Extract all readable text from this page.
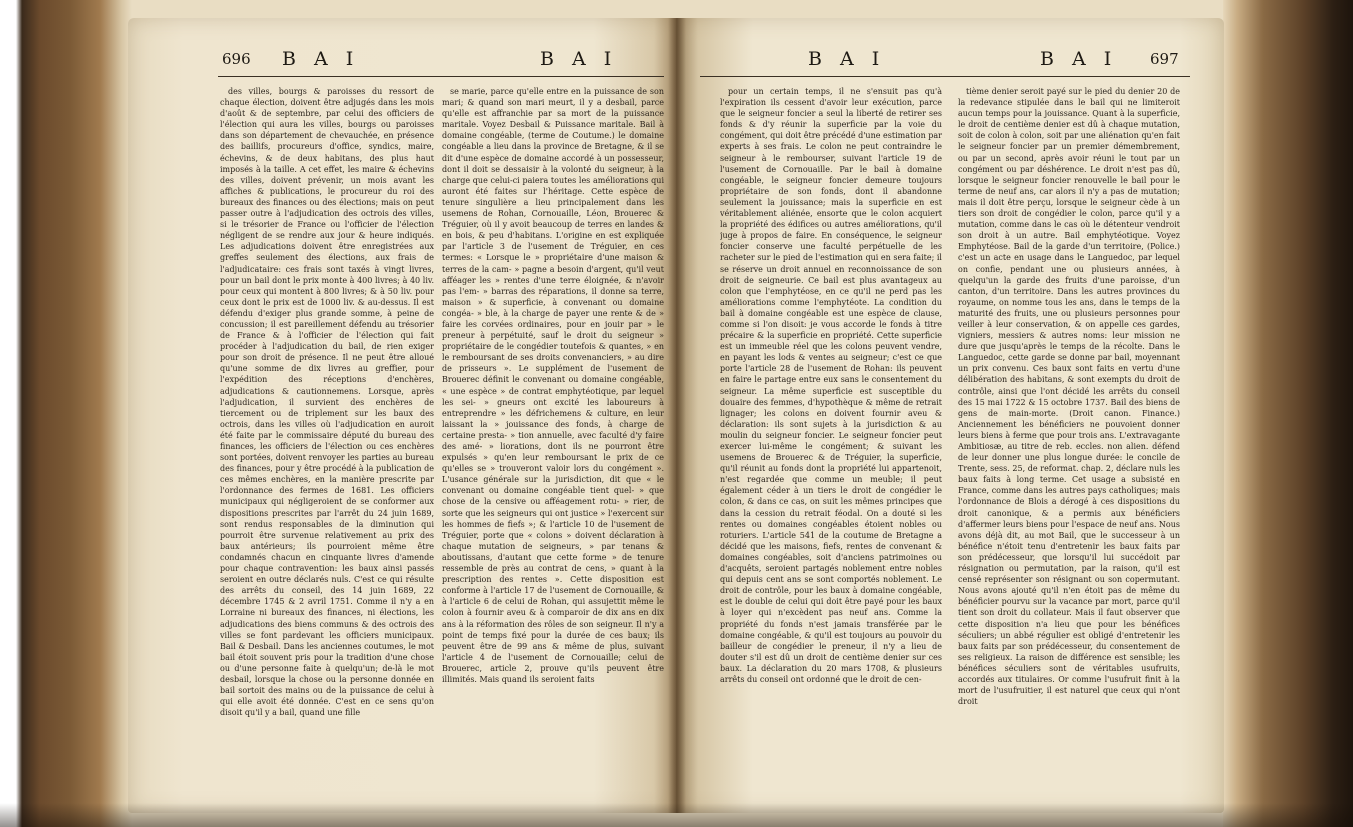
696 B A I	B A I

des villes, bourgs & paroisses du ressort de chaque élection, doivent être adjugés dans les mois d'août & de septembre, par celui des officiers de l'élection qui aura les villes, bourgs ou paroisses dans son département de chevauchée, en présence des baillifs, procureurs d'office, syndics, maire, échevins, & de deux habitans, des plus haut imposés à la taille. A cet effet, les maire & échevins des villes, doivent prévenir, un mois avant les affiches & publications, le procureur du roi des bureaux des finances ou des élections; mais on peut passer outre à l'adjudication des octrois des villes, si le trésorier de France ou l'officier de l'élection négligent de se rendre aux jour & heure indiqués. Les adjudications doivent être enregistrées aux greffes seulement des élections, aux frais de l'adjudicataire: ces frais sont taxés à vingt livres, pour un bail dont le prix monte à 400 livres; à 40 liv. pour ceux qui montent à 800 livres; & à 50 liv. pour ceux dont le prix est de 1000 liv. & au-dessus. Il est défendu d'exiger plus grande somme, à peine de concussion; il est pareillement défendu au trésorier de France & à l'officier de l'élection qui fait procéder à l'adjudication du bail, de rien exiger pour son droit de présence. Il ne peut être alloué qu'une somme de dix livres au greffier, pour l'expédition des réceptions d'enchères, adjudications & cautionnemens. Lorsque, après l'adjudication, il survient des enchères de tiercement ou de triplement sur les baux des octrois, dans les villes où l'adjudication en auroit été faite par le commissaire député du bureau des finances, les officiers de l'élection ou ces enchères sont portées, doivent renvoyer les parties au bureau des finances, pour y être procédé à la publication de ces mêmes enchères, en la manière prescrite par l'ordonnance des fermes de 1681. Les officiers municipaux qui négligeroient de se conformer aux dispositions prescrites par l'arrêt du 24 juin 1689, sont rendus responsables de la diminution qui pourroit être survenue relativement au prix des baux antérieurs; ils pourroient même être condamnés chacun en cinquante livres d'amende pour chaque contravention: les baux ainsi passés seroient en outre déclarés nuls. C'est ce qui résulte des arrêts du conseil, des 14 juin 1689, 22 décembre 1745 & 2 avril 1751. Comme il n'y a en Lorraine ni bureaux des finances, ni élections, les adjudications des biens communs & des octrois des villes se font pardevant les officiers municipaux. Bail & Desbail. Dans les anciennes coutumes, le mot bail étoit souvent pris pour la tradition d'une chose ou d'une personne faite à quelqu'un; de-là le mot desbail, lorsque la chose ou la personne donnée en bail sortoit des mains ou de la puissance de celui à qui elle avoit été donnée. C'est en ce sens qu'on disoit qu'il y a bail, quand une fille

se marie, parce qu'elle entre en la puissance de son mari; & quand son mari meurt, il y a desbail, parce qu'elle est affranchie par sa mort de la puissance maritale. Voyez Desbail & Puissance maritale. Bail à domaine congéable, (terme de Coutume.) le domaine congéable a lieu dans la province de Bretagne, & il se dit d'une espèce de domaine accordé à un possesseur, dont il doit se dessaisir à la volonté du seigneur, à la charge que celui-ci paiera toutes les améliorations qui auront été faites sur l'héritage. Cette espèce de tenure singulière a lieu principalement dans les usemens de Rohan, Cornouaille, Léon, Brouerec & Tréguier, où il y avoit beaucoup de terres en landes & en bois, & peu d'habitans. L'origine en est expliquée par l'article 3 de l'usement de Tréguier, en ces termes: « Lorsque le » propriétaire d'une maison & terres de la cam- » pagne a besoin d'argent, qu'il veut afféager les » rentes d'une terre éloignée, & n'avoir pas l'em- » barras des réparations, il donne sa terre, maison » & superficie, à convenant ou domaine congéa- » ble, à la charge de payer une rente & de » faire les corvées ordinaires, pour en jouir par » le preneur à perpétuité, sauf le droit du seigneur » propriétaire de le congédier toutefois & quantes, » en le remboursant de ses droits convenanciers, » au dire de prisseurs ». Le supplément de l'usement de Brouerec définit le convenant ou domaine congéable, « une espèce » de contrat emphytéotique, par lequel les sei- » gneurs ont excité les laboureurs à entreprendre » les défrichemens & culture, en leur laissant la » jouissance des fonds, à charge de certaine presta- » tion annuelle, avec faculté d'y faire des amé- » liorations, dont ils ne pourront être expulsés » qu'en leur remboursant le prix de ce qu'elles se » trouveront valoir lors du congément ». L'usance générale sur la jurisdiction, dit que « le convenant ou domaine congéable tient quel- » que chose de la censive ou afféagement rotu- » rier, de sorte que les seigneurs qui ont justice » l'exercent sur les hommes de fiefs »; & l'article 10 de l'usement de Tréguier, porte que « colons » doivent déclaration à chaque mutation de seigneurs, » par tenans & aboutissans, d'autant que cette forme » de tenure ressemble de près au contrat de cens, » quant à la prescription des rentes ». Cette disposition est conforme à l'article 17 de l'usement de Cornouaille, & à l'article 6 de celui de Rohan, qui assujettit même le colon à fournir aveu & à comparoir de dix ans en dix ans à la réformation des rôles de son seigneur. Il n'y a point de temps fixé pour la durée de ces baux; ils peuvent être de 99 ans & même de plus, suivant l'article 4 de l'usement de Cornouaille; celui de Brouerec, article 2, prouve qu'ils peuvent être illimités. Mais quand ils seroient faits

B A I	B A I 697

pour un certain temps, il ne s'ensuit pas qu'à l'expiration ils cessent d'avoir leur exécution, parce que le seigneur foncier a seul la liberté de retirer ses fonds & d'y réunir la superficie par la voie du congément, qui doit être précédé d'une estimation par experts à ses frais. Le colon ne peut contraindre le seigneur à le rembourser, suivant l'article 19 de l'usement de Cornouaille. Par le bail à domaine congéable, le seigneur foncier demeure toujours propriétaire de son fonds, dont il abandonne seulement la jouissance; mais la superficie en est véritablement aliénée, ensorte que le colon acquiert la propriété des édifices ou autres améliorations, qu'il juge à propos de faire. En conséquence, le seigneur foncier conserve une faculté perpétuelle de les racheter sur le pied de l'estimation qui en sera faite; il se réserve un droit annuel en reconnoissance de son droit de seigneurie. Ce bail est plus avantageux au colon que l'emphytéose, en ce qu'il ne perd pas les améliorations comme l'emphytéote. La condition du bail à domaine congéable est une espèce de clause, comme si l'on disoit: je vous accorde le fonds à titre précaire & la superficie en propriété. Cette superficie est un immeuble réel que les colons peuvent vendre, en payant les lods & ventes au seigneur; c'est ce que porte l'article 28 de l'usement de Rohan: ils peuvent en faire le partage entre eux sans le consentement du seigneur. La même superficie est susceptible du douaire des femmes, d'hypothèque & même de retrait lignager; les colons en doivent fournir aveu & déclaration: ils sont sujets à la jurisdiction & au moulin du seigneur foncier. Le seigneur foncier peut exercer lui-même le congément; & suivant les usemens de Brouerec & de Tréguier, la superficie, qu'il réunit au fonds dont la propriété lui appartenoit, n'est regardée que comme un meuble; il peut également céder à un tiers le droit de congédier le colon, & dans ce cas, on suit les mêmes principes que dans la cession du retrait féodal. On a douté si les rentes ou domaines congéables étoient nobles ou roturiers. L'article 541 de la coutume de Bretagne a décidé que les maisons, fiefs, rentes de convenant & domaines congéables, soit d'anciens patrimoines ou d'acquêts, seroient partagés noblement entre nobles qui depuis cent ans se sont comportés noblement. Le droit de contrôle, pour les baux à domaine congéable, est le double de celui qui doit être payé pour les baux à loyer qui n'excèdent pas neuf ans. Comme la propriété du fonds n'est jamais transférée par le domaine congéable, & qu'il est toujours au pouvoir du bailleur de congédier le preneur, il n'y a lieu de douter s'il est dû un droit de centième denier sur ces baux. La déclaration du 20 mars 1708, & plusieurs arrêts du conseil ont ordonné que le droit de cen-

tième denier seroit payé sur le pied du denier 20 de la redevance stipulée dans le bail qui ne limiteroit aucun temps pour la jouissance. Quant à la superficie, le droit de centième denier est dû à chaque mutation, soit de colon à colon, soit par une aliénation qu'en fait le seigneur foncier par un premier démembrement, ou par un second, après avoir réuni le tout par un congément ou par déshérence. Le droit n'est pas dû, lorsque le seigneur foncier renouvelle le bail pour le terme de neuf ans, car alors il n'y a pas de mutation; mais il doit être perçu, lorsque le seigneur cède à un tiers son droit de congédier le colon, parce qu'il y a mutation, comme dans le cas où le détenteur vendroit son droit à un autre. Bail emphytéotique. Voyez Emphytéose. Bail de la garde d'un territoire, (Police.) c'est un acte en usage dans le Languedoc, par lequel on confie, pendant une ou plusieurs années, à quelqu'un la garde des fruits d'une paroisse, d'un canton, d'un territoire. Dans les autres provinces du royaume, on nomme tous les ans, dans le temps de la maturité des fruits, une ou plusieurs personnes pour veiller à leur conservation, & on appelle ces gardes, vigniers, messiers & autres noms: leur mission ne dure que jusqu'après le temps de la récolte. Dans le Languedoc, cette garde se donne par bail, moyennant un prix convenu. Ces baux sont faits en vertu d'une délibération des habitans, & sont exempts du droit de contrôle, ainsi que l'ont décidé les arrêts du conseil des 15 mai 1722 & 15 octobre 1737. Bail des biens de gens de main-morte. (Droit canon. Finance.) Anciennement les bénéficiers ne pouvoient donner leurs biens à ferme que pour trois ans. L'extravagante Ambitiosæ, au titre de reb. eccles. non alien. défend de leur donner une plus longue durée: le concile de Trente, sess. 25, de reformat. chap. 2, déclare nuls les baux faits à long terme. Cet usage a subsisté en France, comme dans les autres pays catholiques; mais l'ordonnance de Blois a dérogé à ces dispositions du droit canonique, & a permis aux bénéficiers d'affermer leurs biens pour l'espace de neuf ans. Nous avons déjà dit, au mot Bail, que le successeur à un bénéfice n'étoit tenu d'entretenir les baux faits par son prédécesseur, que lorsqu'il lui succédoit par résignation ou permutation, par la raison, qu'il est censé représenter son résignant ou son copermutant. Nous avons ajouté qu'il n'en étoit pas de même du bénéficier pourvu sur la vacance par mort, parce qu'il tient son droit du collateur. Mais il faut observer que cette disposition n'a lieu que pour les bénéfices séculiers; un abbé régulier est obligé d'entretenir les baux faits par son prédécesseur, du consentement de ses religieux. La raison de différence est sensible; les bénéfices séculiers sont de véritables usufruits, accordés aux titulaires. Or comme l'usufruit finit à la mort de l'usufruitier, il est naturel que ceux qui n'ont droit
